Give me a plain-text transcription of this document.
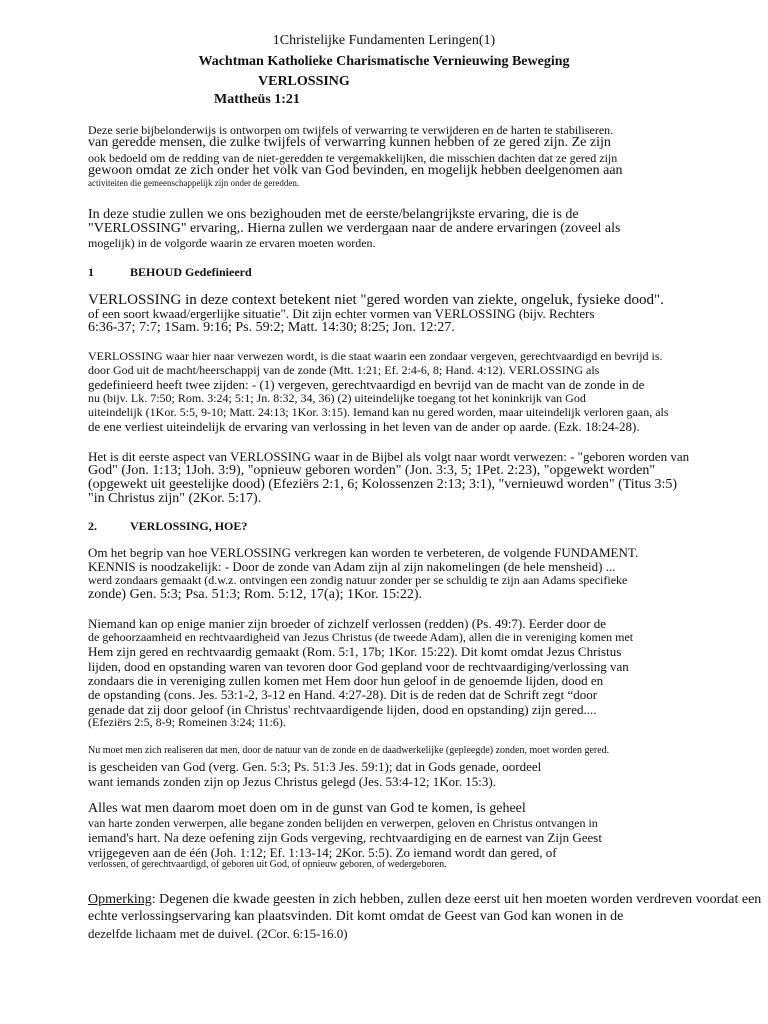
1Christelijke Fundamenten Leringen(1)

Wachtman Katholieke Charismatische Vernieuwing Beweging

VERLOSSING

Mattheüs 1:21

Deze serie bijbelonderwijs is ontworpen om twijfels of verwarring te verwijderen en de harten te stabiliseren.

van geredde mensen, die zulke twijfels of verwarring kunnen hebben of ze gered zijn. Ze zijn

ook bedoeld om de redding van de niet-geredden te vergemakkelijken, die misschien dachten dat ze gered zijn

gewoon omdat ze zich onder het volk van God bevinden, en mogelijk hebben deelgenomen aan

activiteiten die gemeenschappelijk zijn onder de geredden.

In deze studie zullen we ons bezighouden met de eerste/belangrijkste ervaring, die is de

"VERLOSSING" ervaring,. Hierna zullen we verdergaan naar de andere ervaringen (zoveel als

mogelijk) in de volgorde waarin ze ervaren moeten worden.

1	BEHOUD Gedefinieerd

VERLOSSING in deze context betekent niet "gered worden van ziekte, ongeluk, fysieke dood".

of een soort kwaad/ergerlijke situatie". Dit zijn echter vormen van VERLOSSING (bijv. Rechters

6:36-37; 7:7; 1Sam. 9:16; Ps. 59:2; Matt. 14:30; 8:25; Jon. 12:27.

VERLOSSING waar hier naar verwezen wordt, is die staat waarin een zondaar vergeven, gerechtvaardigd en bevrijd is.

door God uit de macht/heerschappij van de zonde (Mtt. 1:21; Ef. 2:4-6, 8; Hand. 4:12). VERLOSSING als

gedefinieerd heeft twee zijden: - (1) vergeven, gerechtvaardigd en bevrijd van de macht van de zonde in de

nu (bijv. Lk. 7:50; Rom. 3:24; 5:1; Jn. 8:32, 34, 36) (2) uiteindelijke toegang tot het koninkrijk van God

uiteindelijk (1Kor. 5:5, 9-10; Matt. 24:13; 1Kor. 3:15). Iemand kan nu gered worden, maar uiteindelijk verloren gaan, als

de ene verliest uiteindelijk de ervaring van verlossing in het leven van de ander op aarde. (Ezk. 18:24-28).

Het is dit eerste aspect van VERLOSSING waar in de Bijbel als volgt naar wordt verwezen: - "geboren worden van

God" (Jon. 1:13; 1Joh. 3:9), "opnieuw geboren worden" (Jon. 3:3, 5; 1Pet. 2:23), "opgewekt worden"

(opgewekt uit geestelijke dood) (Efeziërs 2:1, 6; Kolossenzen 2:13; 3:1), "vernieuwd worden" (Titus 3:5)

"in Christus zijn" (2Kor. 5:17).

2.	VERLOSSING, HOE?

Om het begrip van hoe VERLOSSING verkregen kan worden te verbeteren, de volgende FUNDAMENT.

KENNIS is noodzakelijk: - Door de zonde van Adam zijn al zijn nakomelingen (de hele mensheid) ...

werd zondaars gemaakt (d.w.z. ontvingen een zondig natuur zonder per se schuldig te zijn aan Adams specifieke

zonde) Gen. 5:3; Psa. 51:3; Rom. 5:12, 17(a); 1Kor. 15:22).

Niemand kan op enige manier zijn broeder of zichzelf verlossen (redden) (Ps. 49:7). Eerder door de

de gehoorzaamheid en rechtvaardigheid van Jezus Christus (de tweede Adam), allen die in vereniging komen met

Hem zijn gered en rechtvaardig gemaakt (Rom. 5:1, 17b; 1Kor. 15:22). Dit komt omdat Jezus Christus

lijden, dood en opstanding waren van tevoren door God gepland voor de rechtvaardiging/verlossing van

zondaars die in vereniging zullen komen met Hem door hun geloof in de genoemde lijden, dood en

de opstanding (cons. Jes. 53:1-2, 3-12 en Hand. 4:27-28). Dit is de reden dat de Schrift zegt “door

genade dat zij door geloof (in Christus' rechtvaardigende lijden, dood en opstanding) zijn gered....

(Efeziërs 2:5, 8-9; Romeinen 3:24; 11:6).

Nu moet men zich realiseren dat men, door de natuur van de zonde en de daadwerkelijke (gepleegde) zonden, moet worden gered.

is gescheiden van God (verg. Gen. 5:3; Ps. 51:3 Jes. 59:1); dat in Gods genade, oordeel

want iemands zonden zijn op Jezus Christus gelegd (Jes. 53:4-12; 1Kor. 15:3).

Alles wat men daarom moet doen om in de gunst van God te komen, is geheel

van harte zonden verwerpen, alle begane zonden belijden en verwerpen, geloven en Christus ontvangen in

iemand's hart. Na deze oefening zijn Gods vergeving, rechtvaardiging en de earnest van Zijn Geest

vrijgegeven aan de één (Joh. 1:12; Ef. 1:13-14; 2Kor. 5:5). Zo iemand wordt dan gered, of

verlossen, of gerechtvaardigd, of geboren uit God, of opnieuw geboren, of wedergeboren.

Opmerking: Degenen die kwade geesten in zich hebben, zullen deze eerst uit hen moeten worden verdreven voordat een

echte verlossingservaring kan plaatsvinden. Dit komt omdat de Geest van God kan wonen in de

dezelfde lichaam met de duivel. (2Cor. 6:15-16.0)
